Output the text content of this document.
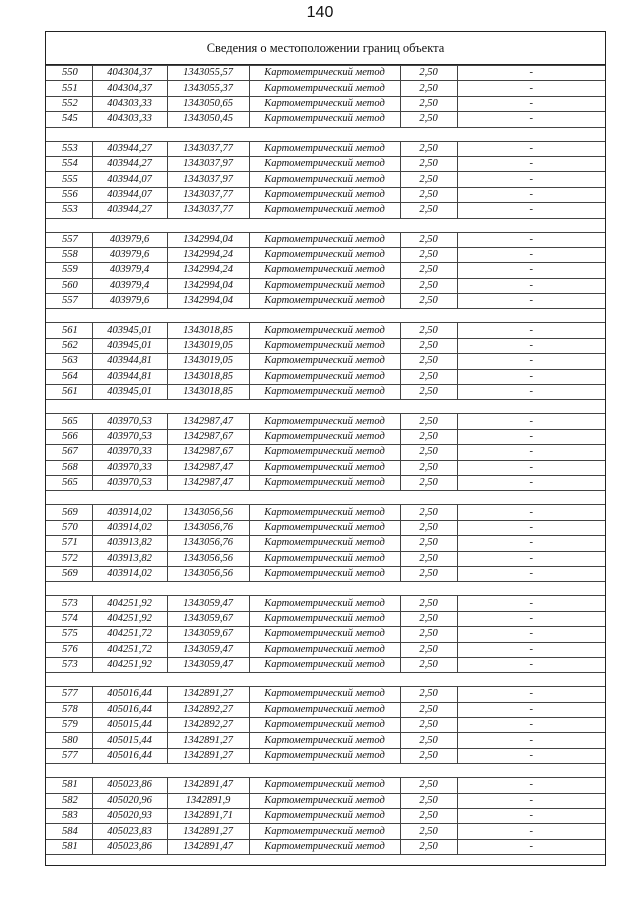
140
Сведения о местоположении границ объекта
550	404304,37	1343055,57	Картометрический метод	2,50	-
551	404304,37	1343055,37	Картометрический метод	2,50	-
552	404303,33	1343050,65	Картометрический метод	2,50	-
545	404303,33	1343050,45	Картометрический метод	2,50	-

553	403944,27	1343037,77	Картометрический метод	2,50	-
554	403944,27	1343037,97	Картометрический метод	2,50	-
555	403944,07	1343037,97	Картометрический метод	2,50	-
556	403944,07	1343037,77	Картометрический метод	2,50	-
553	403944,27	1343037,77	Картометрический метод	2,50	-

557	403979,6	1342994,04	Картометрический метод	2,50	-
558	403979,6	1342994,24	Картометрический метод	2,50	-
559	403979,4	1342994,24	Картометрический метод	2,50	-
560	403979,4	1342994,04	Картометрический метод	2,50	-
557	403979,6	1342994,04	Картометрический метод	2,50	-

561	403945,01	1343018,85	Картометрический метод	2,50	-
562	403945,01	1343019,05	Картометрический метод	2,50	-
563	403944,81	1343019,05	Картометрический метод	2,50	-
564	403944,81	1343018,85	Картометрический метод	2,50	-
561	403945,01	1343018,85	Картометрический метод	2,50	-

565	403970,53	1342987,47	Картометрический метод	2,50	-
566	403970,53	1342987,67	Картометрический метод	2,50	-
567	403970,33	1342987,67	Картометрический метод	2,50	-
568	403970,33	1342987,47	Картометрический метод	2,50	-
565	403970,53	1342987,47	Картометрический метод	2,50	-

569	403914,02	1343056,56	Картометрический метод	2,50	-
570	403914,02	1343056,76	Картометрический метод	2,50	-
571	403913,82	1343056,76	Картометрический метод	2,50	-
572	403913,82	1343056,56	Картометрический метод	2,50	-
569	403914,02	1343056,56	Картометрический метод	2,50	-

573	404251,92	1343059,47	Картометрический метод	2,50	-
574	404251,92	1343059,67	Картометрический метод	2,50	-
575	404251,72	1343059,67	Картометрический метод	2,50	-
576	404251,72	1343059,47	Картометрический метод	2,50	-
573	404251,92	1343059,47	Картометрический метод	2,50	-

577	405016,44	1342891,27	Картометрический метод	2,50	-
578	405016,44	1342892,27	Картометрический метод	2,50	-
579	405015,44	1342892,27	Картометрический метод	2,50	-
580	405015,44	1342891,27	Картометрический метод	2,50	-
577	405016,44	1342891,27	Картометрический метод	2,50	-

581	405023,86	1342891,47	Картометрический метод	2,50	-
582	405020,96	1342891,9	Картометрический метод	2,50	-
583	405020,93	1342891,71	Картометрический метод	2,50	-
584	405023,83	1342891,27	Картометрический метод	2,50	-
581	405023,86	1342891,47	Картометрический метод	2,50	-
